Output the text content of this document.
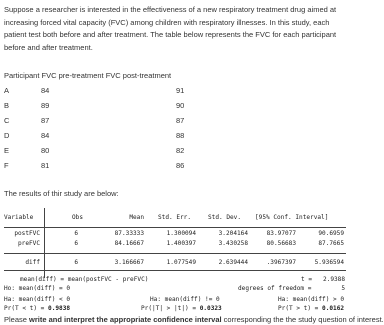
Suppose a researcher is interested in the effectiveness of a new respiratory treatment drug aimed at increasing forced vital capacity (FVC) among children with respiratory illnesses. In this study, each patient test both before and after treatment. The table below represents the FVC for each participant before and after treatment.
Participant FVC pre-treatment FVC post-treatment
A	84	91
B	89	90
C	87	87
D	84	88
E	80	82
F	81	86
The results of thir study are below:
Variable	Obs	Mean Std. Err.	Std. Dev. [95% Conf. Interval]
postFVC	6	87.33333	1.300094	3.204164	83.97077	90.6959
preFVC	6	84.16667	1.400397	3.430258	80.56683	87.7665
diff	6	3.166667	1.077549	2.639444	.3967397	5.936594
mean(diff) = mean(postFVC - preFVC)	t =	2.9388
Ho: mean(diff) = 0	degrees of freedom =	5
Ha: mean(diff) < 0
Pr(T < t) = 0.9838
Ha: mean(diff) != 0
Pr(|T| > |t|) = 0.0323
Ha: mean(diff) > 0
Pr(T > t) = 0.0162
Please write and interpret the appropriate confidence interval corresponding the the study question of interest.
